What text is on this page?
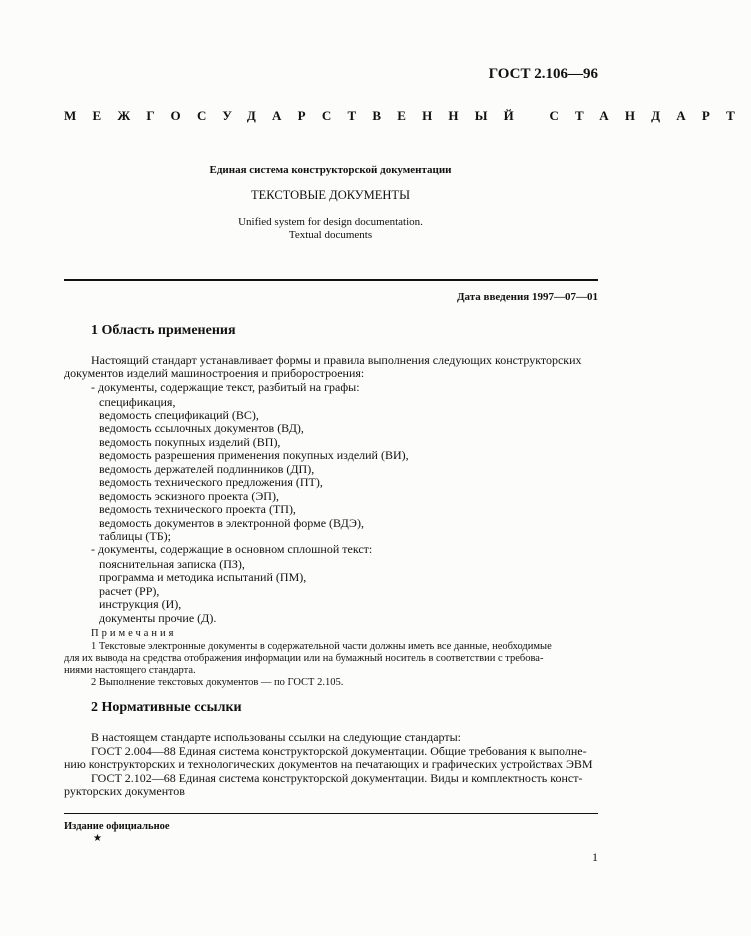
ГОСТ 2.106—96
МЕЖГОСУДАРСТВЕННЫЙ СТАНДАРТ
Единая система конструкторской документации
ТЕКСТОВЫЕ ДОКУМЕНТЫ
Unified system for design documentation.
Textual documents
Дата введения 1997—07—01
1 Область применения
Настоящий стандарт устанавливает формы и правила выполнения следующих конструкторских
документов изделий машиностроения и приборостроения:
- документы, содержащие текст, разбитый на графы:
спецификация,
ведомость спецификаций (ВС),
ведомость ссылочных документов (ВД),
ведомость покупных изделий (ВП),
ведомость разрешения применения покупных изделий (ВИ),
ведомость держателей подлинников (ДП),
ведомость технического предложения (ПТ),
ведомость эскизного проекта (ЭП),
ведомость технического проекта (ТП),
ведомость документов в электронной форме (ВДЭ),
таблицы (ТБ);
- документы, содержащие в основном сплошной текст:
пояснительная записка (ПЗ),
программа и методика испытаний (ПМ),
расчет (РР),
инструкция (И),
документы прочие (Д).
Примечания
1 Текстовые электронные документы в содержательной части должны иметь все данные, необходимые
для их вывода на средства отображения информации или на бумажный носитель в соответствии с требова-
ниями настоящего стандарта.
2 Выполнение текстовых документов — по ГОСТ 2.105.
2 Нормативные ссылки
В настоящем стандарте использованы ссылки на следующие стандарты:
ГОСТ 2.004—88 Единая система конструкторской документации. Общие требования к выполне-
нию конструкторских и технологических документов на печатающих и графических устройствах ЭВМ
ГОСТ 2.102—68 Единая система конструкторской документации. Виды и комплектность конст-
рукторских документов
Издание официальное
★
1
